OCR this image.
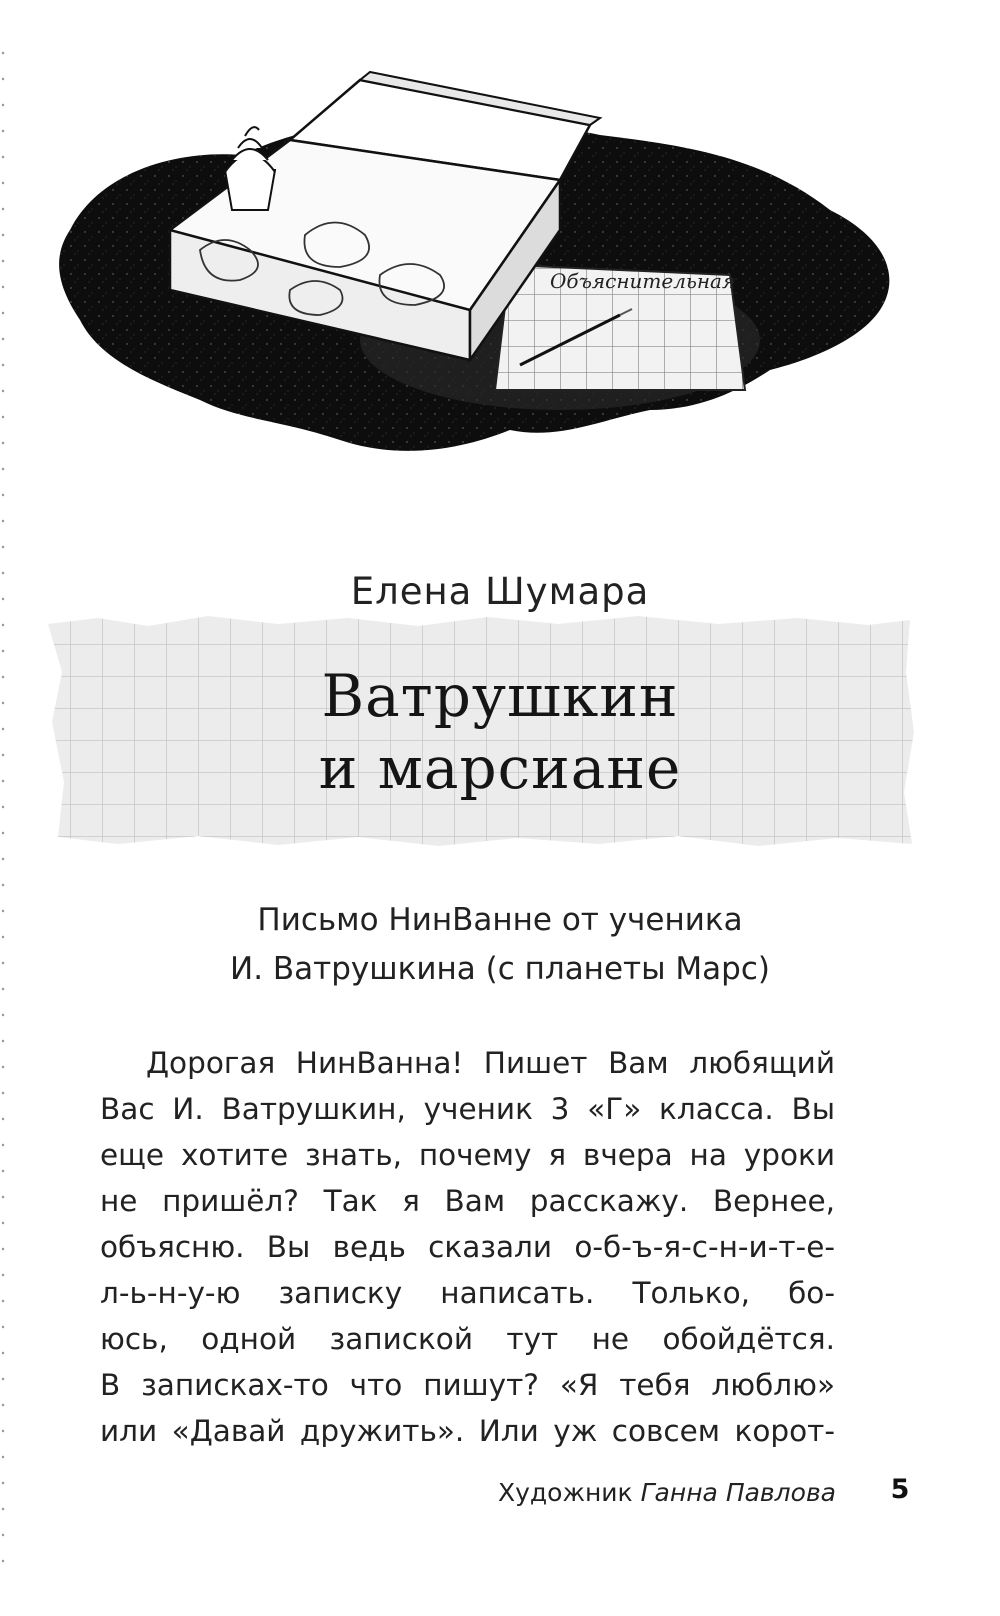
Объяснительная
Елена Шумара
Ватрушкин
и марсиане
Письмо НинВанне от ученика
И. Ватрушкина (с планеты Марс)
Дорогая НинВанна! Пишет Вам любящий
Вас И. Ватрушкин, ученик 3 «Г» класса. Вы
еще хотите знать, почему я вчера на уроки
не пришёл? Так я Вам расскажу. Вернее,
объясню. Вы ведь сказали о-б-ъ-я-с-н-и-т-е-
л-ь-н-у-ю записку написать. Только, бо-
юсь, одной запиской тут не обойдётся.
В записках-то что пишут? «Я тебя люблю»
или «Давай дружить». Или уж совсем корот-
Художник Ганна Павлова	5
